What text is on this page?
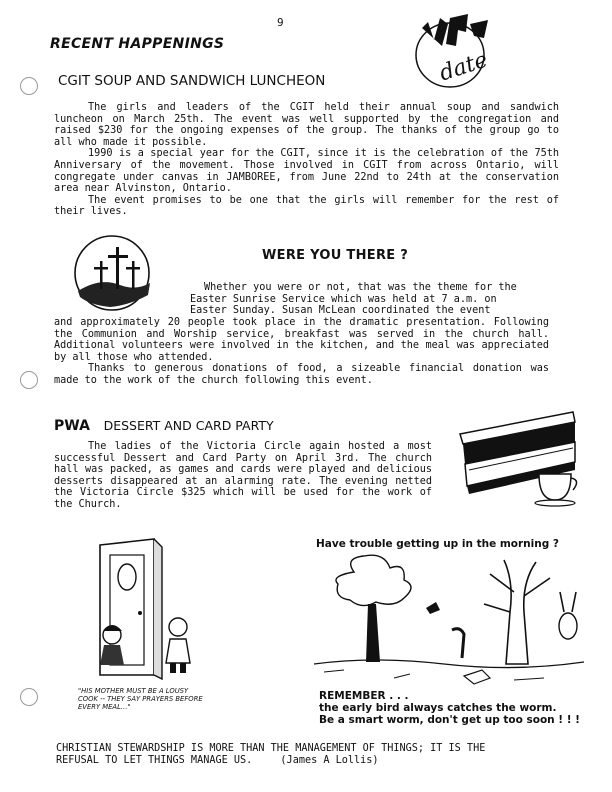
9
RECENT HAPPENINGS
date
CGIT SOUP AND SANDWICH LUNCHEON

The girls and leaders of the CGIT held their annual soup and sandwich luncheon on March 25th. The event was well supported by the congregation and raised $230 for the ongoing expenses of the group. The thanks of the group go to all who made it possible.

1990 is a special year for the CGIT, since it is the celebration of the 75th Anniversary of the movement. Those involved in CGIT from across Ontario, will congregate under canvas in JAMBOREE, from June 22nd to 24th at the conservation area near Alvinston, Ontario.

The event promises to be one that the girls will remember for the rest of their lives.

WERE YOU THERE ?

Whether you were or not, that was the theme for the

Easter Sunrise Service which was held at 7 a.m. on

Easter Sunday. Susan McLean coordinated the event

and approximately 20 people took place in the dramatic presentation. Following the Communion and Worship service, breakfast was served in the church hall. Additional volunteers were involved in the kitchen, and the meal was appreciated by all those who attended.

Thanks to generous donations of food, a sizeable financial donation was made to the work of the church following this event.

PWA DESSERT AND CARD PARTY

The ladies of the Victoria Circle again hosted a most successful Dessert and Card Party on April 3rd. The church hall was packed, as games and cards were played and delicious desserts disappeared at an alarming rate. The evening netted the Victoria Circle $325 which will be used for the work of the Church.

"HIS MOTHER MUST BE A LOUSY
COOK -- THEY SAY PRAYERS BEFORE
EVERY MEAL..."
Have trouble getting up in the morning ?
REMEMBER . . .
the early bird always catches the worm.
Be a smart worm, don't get up too soon ! ! !
CHRISTIAN STEWARDSHIP IS MORE THAN THE MANAGEMENT OF THINGS; IT IS THE
REFUSAL TO LET THINGS MANAGE US.	(James A Lollis)
